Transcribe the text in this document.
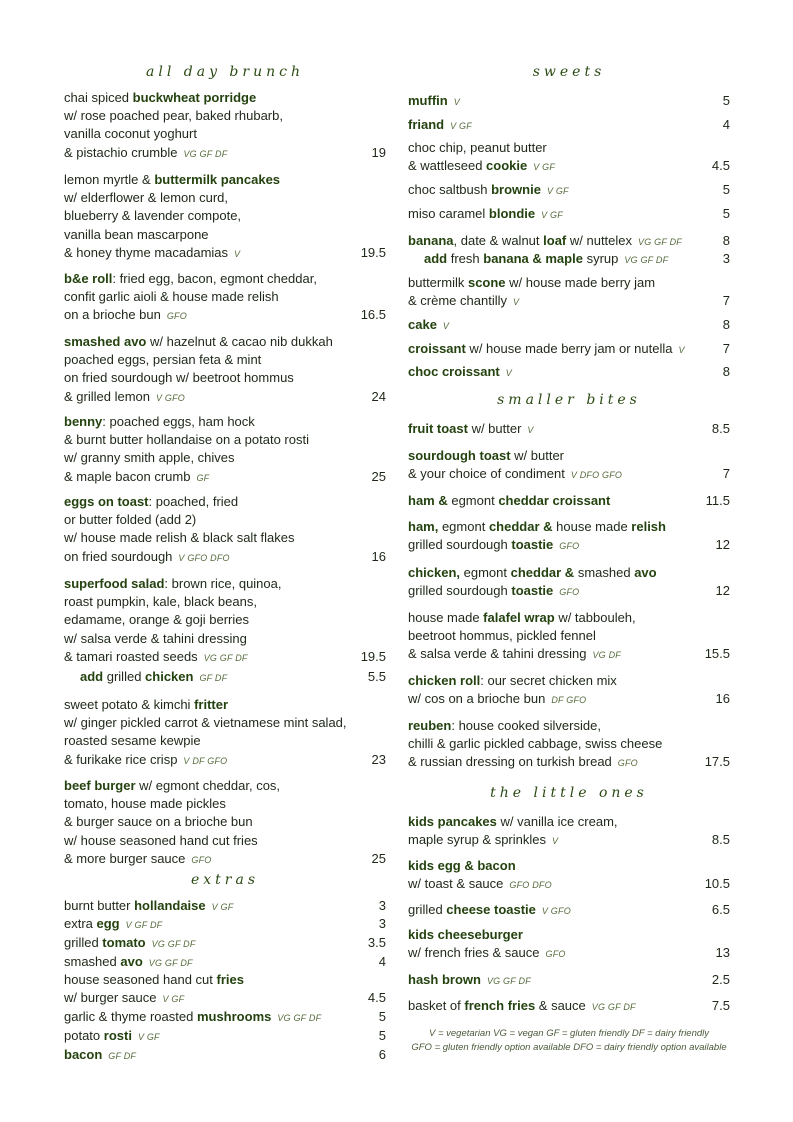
all day brunch
chai spiced buckwheat porridge
w/ rose poached pear, baked rhubarb,
vanilla coconut yoghurt
& pistachio crumble VG GF DF	19
lemon myrtle & buttermilk pancakes
w/ elderflower & lemon curd,
blueberry & lavender compote,
vanilla bean mascarpone
& honey thyme macadamias V	19.5
b&e roll: fried egg, bacon, egmont cheddar,
confit garlic aioli & house made relish
on a brioche bun GFO	16.5
smashed avo w/ hazelnut & cacao nib dukkah
poached eggs, persian feta & mint
on fried sourdough w/ beetroot hommus
& grilled lemon V GFO	24
benny: poached eggs, ham hock
& burnt butter hollandaise on a potato rosti
w/ granny smith apple, chives
& maple bacon crumb GF	25
eggs on toast: poached, fried
or butter folded (add 2)
w/ house made relish & black salt flakes
on fried sourdough V GFO DFO	16
superfood salad: brown rice, quinoa,
roast pumpkin, kale, black beans,
edamame, orange & goji berries
w/ salsa verde & tahini dressing
& tamari roasted seeds VG GF DF	19.5
add grilled chicken GF DF	5.5
sweet potato & kimchi fritter
w/ ginger pickled carrot & vietnamese mint salad,
roasted sesame kewpie
& furikake rice crisp V DF GFO	23
beef burger w/ egmont cheddar, cos,
tomato, house made pickles
& burger sauce on a brioche bun
w/ house seasoned hand cut fries
& more burger sauce GFO	25
extras
burnt butter hollandaise V GF	3
extra egg V GF DF	3
grilled tomato VG GF DF	3.5
smashed avo VG GF DF	4
house seasoned hand cut fries
w/ burger sauce V GF	4.5
garlic & thyme roasted mushrooms VG GF DF	5
potato rosti V GF	5
bacon GF DF	6
sweets
muffin V	5
friand V GF	4
choc chip, peanut butter
& wattleseed cookie V GF	4.5
choc saltbush brownie V GF	5
miso caramel blondie V GF	5
banana, date & walnut loaf w/ nuttelex VG GF DF	8
add fresh banana & maple syrup VG GF DF	3
buttermilk scone w/ house made berry jam
& crème chantilly V	7
cake V	8
croissant w/ house made berry jam or nutella V	7
choc croissant V	8
smaller bites
fruit toast w/ butter V	8.5
sourdough toast w/ butter
& your choice of condiment V DFO GFO	7
ham & egmont cheddar croissant	11.5
ham, egmont cheddar & house made relish
grilled sourdough toastie GFO	12
chicken, egmont cheddar & smashed avo
grilled sourdough toastie GFO	12
house made falafel wrap w/ tabbouleh,
beetroot hommus, pickled fennel
& salsa verde & tahini dressing VG DF	15.5
chicken roll: our secret chicken mix
w/ cos on a brioche bun DF GFO	16
reuben: house cooked silverside,
chilli & garlic pickled cabbage, swiss cheese
& russian dressing on turkish bread GFO	17.5
the little ones
kids pancakes w/ vanilla ice cream,
maple syrup & sprinkles V	8.5
kids egg & bacon
w/ toast & sauce GFO DFO	10.5
grilled cheese toastie V GFO	6.5
kids cheeseburger
w/ french fries & sauce GFO	13
hash brown VG GF DF	2.5
basket of french fries & sauce VG GF DF	7.5
V = vegetarian VG = vegan GF = gluten friendly DF = dairy friendly
GFO = gluten friendly option available DFO = dairy friendly option available
